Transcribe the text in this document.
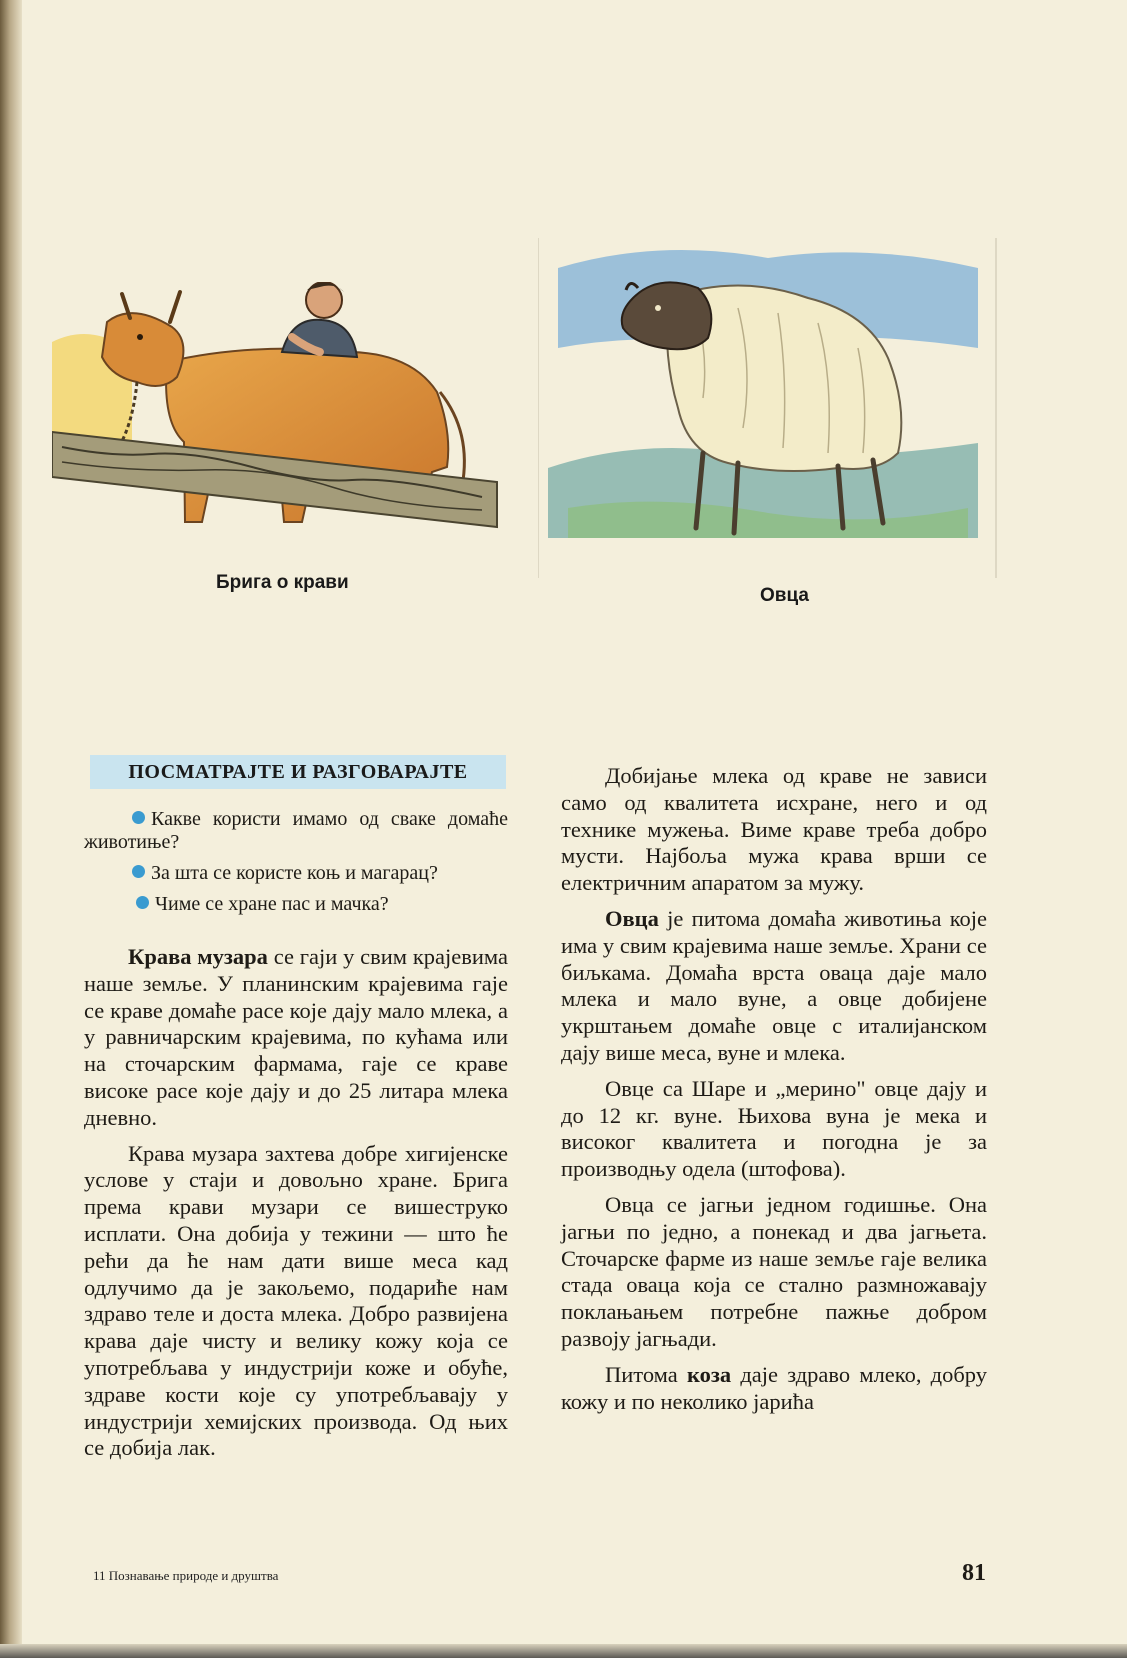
Брига о крави
Овца
ПОСМАТРАЈТЕ И РАЗГОВАРАЈТЕ
Какве користи имамо од сваке домаће животиње?
За шта се користе коњ и магарац?
Чиме се хране пас и мачка?

Крава музара се гаји у свим крајевима наше земље. У планинским крајевима гаје се краве домаће расе које дају мало млека, а у равничарским крајевима, по кућама или на сточарским фармама, гаје се краве високе расе које дају и до 25 литара млека дневно.

Крава музара захтева добре хигијенске услове у стаји и довољно хране. Брига према крави музари се вишеструко исплати. Она добија у тежини — што ће рећи да ће нам дати више меса кад одлучимо да је закољемо, подариће нам здраво теле и доста млека. Добро развијена крава даје чисту и велику кожу која се употребљава у индустрији коже и обуће, здраве кости које су употребљавају у индустрији хемијских производа. Од њих се добија лак.

Добијање млека од краве не зависи само од квалитета исхране, него и од технике мужења. Виме краве треба добро мусти. Најбоља мужа крава врши се електричним апаратом за мужу.

Овца је питома домаћа животиња које има у свим крајевима наше земље. Храни се биљкама. Домаћа врста оваца даје мало млека и мало вуне, а овце добијене укрштањем домаће овце с италијанском дају више меса, вуне и млека.

Овце са Шаре и „мерино" овце дају и до 12 кг. вуне. Њихова вуна је мека и високог квалитета и погодна је за производњу одела (штофова).

Овца се јагњи једном годишње. Она јагњи по једно, а понекад и два јагњета. Сточарске фарме из наше земље гаје велика стада оваца која се стално размножавају поклањањем потребне пажње добром развоју јагњади.

Питома коза даје здраво млеко, добру кожу и по неколико јарића

11 Познавање природе и друштва	81
